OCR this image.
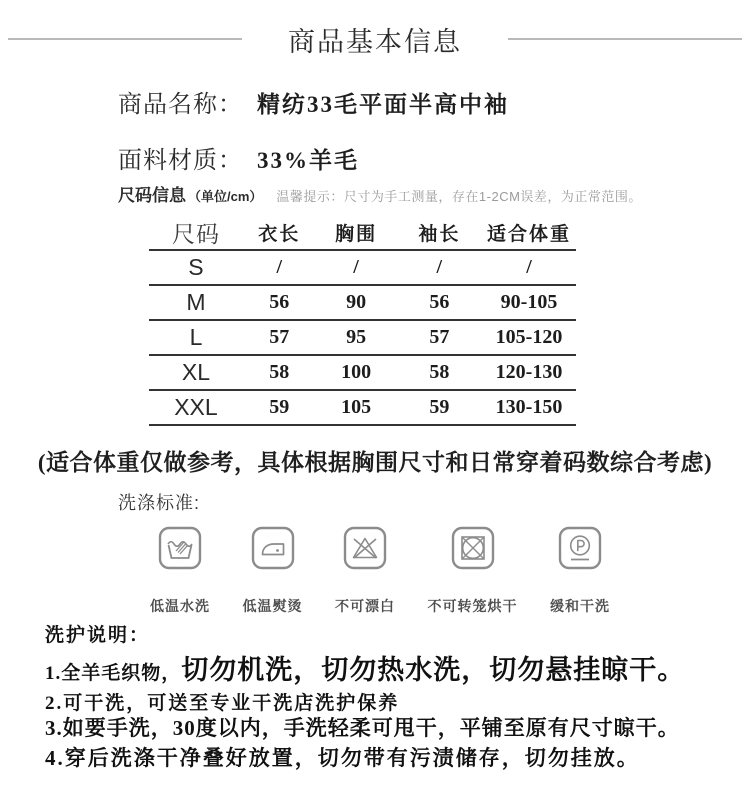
商品基本信息
商品名称： 精纺33毛平面半高中袖
面料材质： 33%羊毛
尺码信息 （单位/cm） 温馨提示：尺寸为手工测量，存在1-2CM误差，为正常范围。
尺码	衣长	胸围	袖长	适合体重
S	/	/	/	/
M	56	90	56	90-105
L	57	95	57	105-120
XL	58	100	58	120-130
XXL	59	105	59	130-150
(适合体重仅做参考，具体根据胸围尺寸和日常穿着码数综合考虑)
洗涤标准:
低温水洗 低温熨烫 不可漂白 不可转笼烘干 缓和干洗
洗护说明：
1.全羊毛织物，切勿机洗，切勿热水洗，切勿悬挂晾干。
2.可干洗，可送至专业干洗店洗护保养
3.如要手洗，30度以内，手洗轻柔可甩干，平铺至原有尺寸晾干。
4.穿后洗涤干净叠好放置，切勿带有污渍储存，切勿挂放。
